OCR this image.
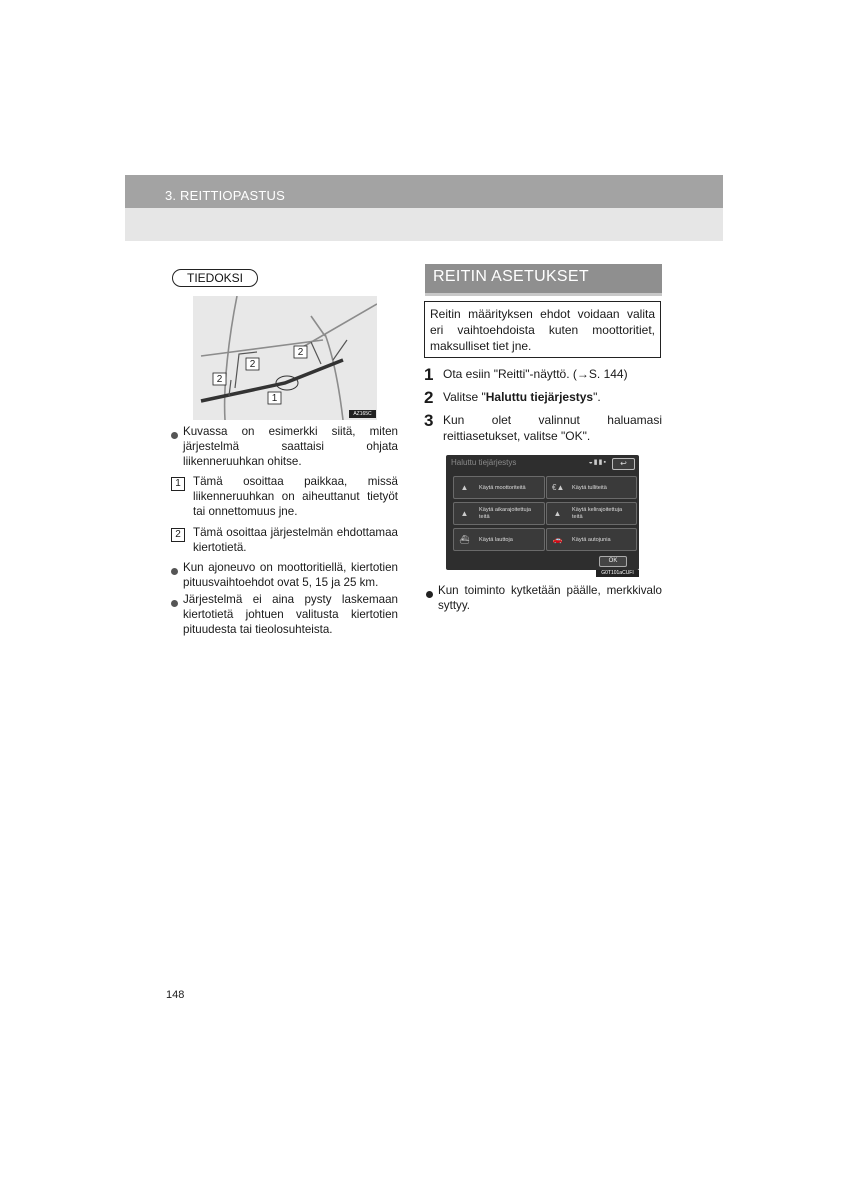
3. REITTIOPASTUS
TIEDOKSI
2
2
2
1
AZ165C
Kuvassa on esimerkki siitä, miten järjestelmä saattaisi ohjata liikenneruuhkan ohitse.
1	Tämä osoittaa paikkaa, missä liikenneruuhkan on aiheuttanut tietyöt tai onnettomuus jne.
2	Tämä osoittaa järjestelmän ehdottamaa kiertotietä.
Kun ajoneuvo on moottoritiellä, kiertotien pituusvaihtoehdot ovat 5, 15 ja 25 km.
Järjestelmä ei aina pysty laskemaan kiertotietä johtuen valitusta kiertotien pituudesta tai tieolosuhteista.
REITIN ASETUKSET
Reitin määrityksen ehdot voidaan valita eri vaihtoehdoista kuten moottoritiet, maksulliset tiet jne.
1 Ota esiin "Reitti"-näyttö. (→S. 144)
2 Valitse "Haluttu tiejärjestys".
3 Kun olet valinnut haluamasi reittiasetukset, valitse "OK".
Haluttu tiejärjestys	◒▮▮▪	↩
▲ Käytä moottoriteitä	€▲ Käytä tulliteitä
▲ Käytä aikarajoitettuja teitä	▲ Käytä kelirajoitettuja teitä
⛴ Käytä lauttoja	🚗 Käytä autojunia
OK
G0T101aCUFI
Kun toiminto kytketään päälle, merkkivalo syttyy.
148
